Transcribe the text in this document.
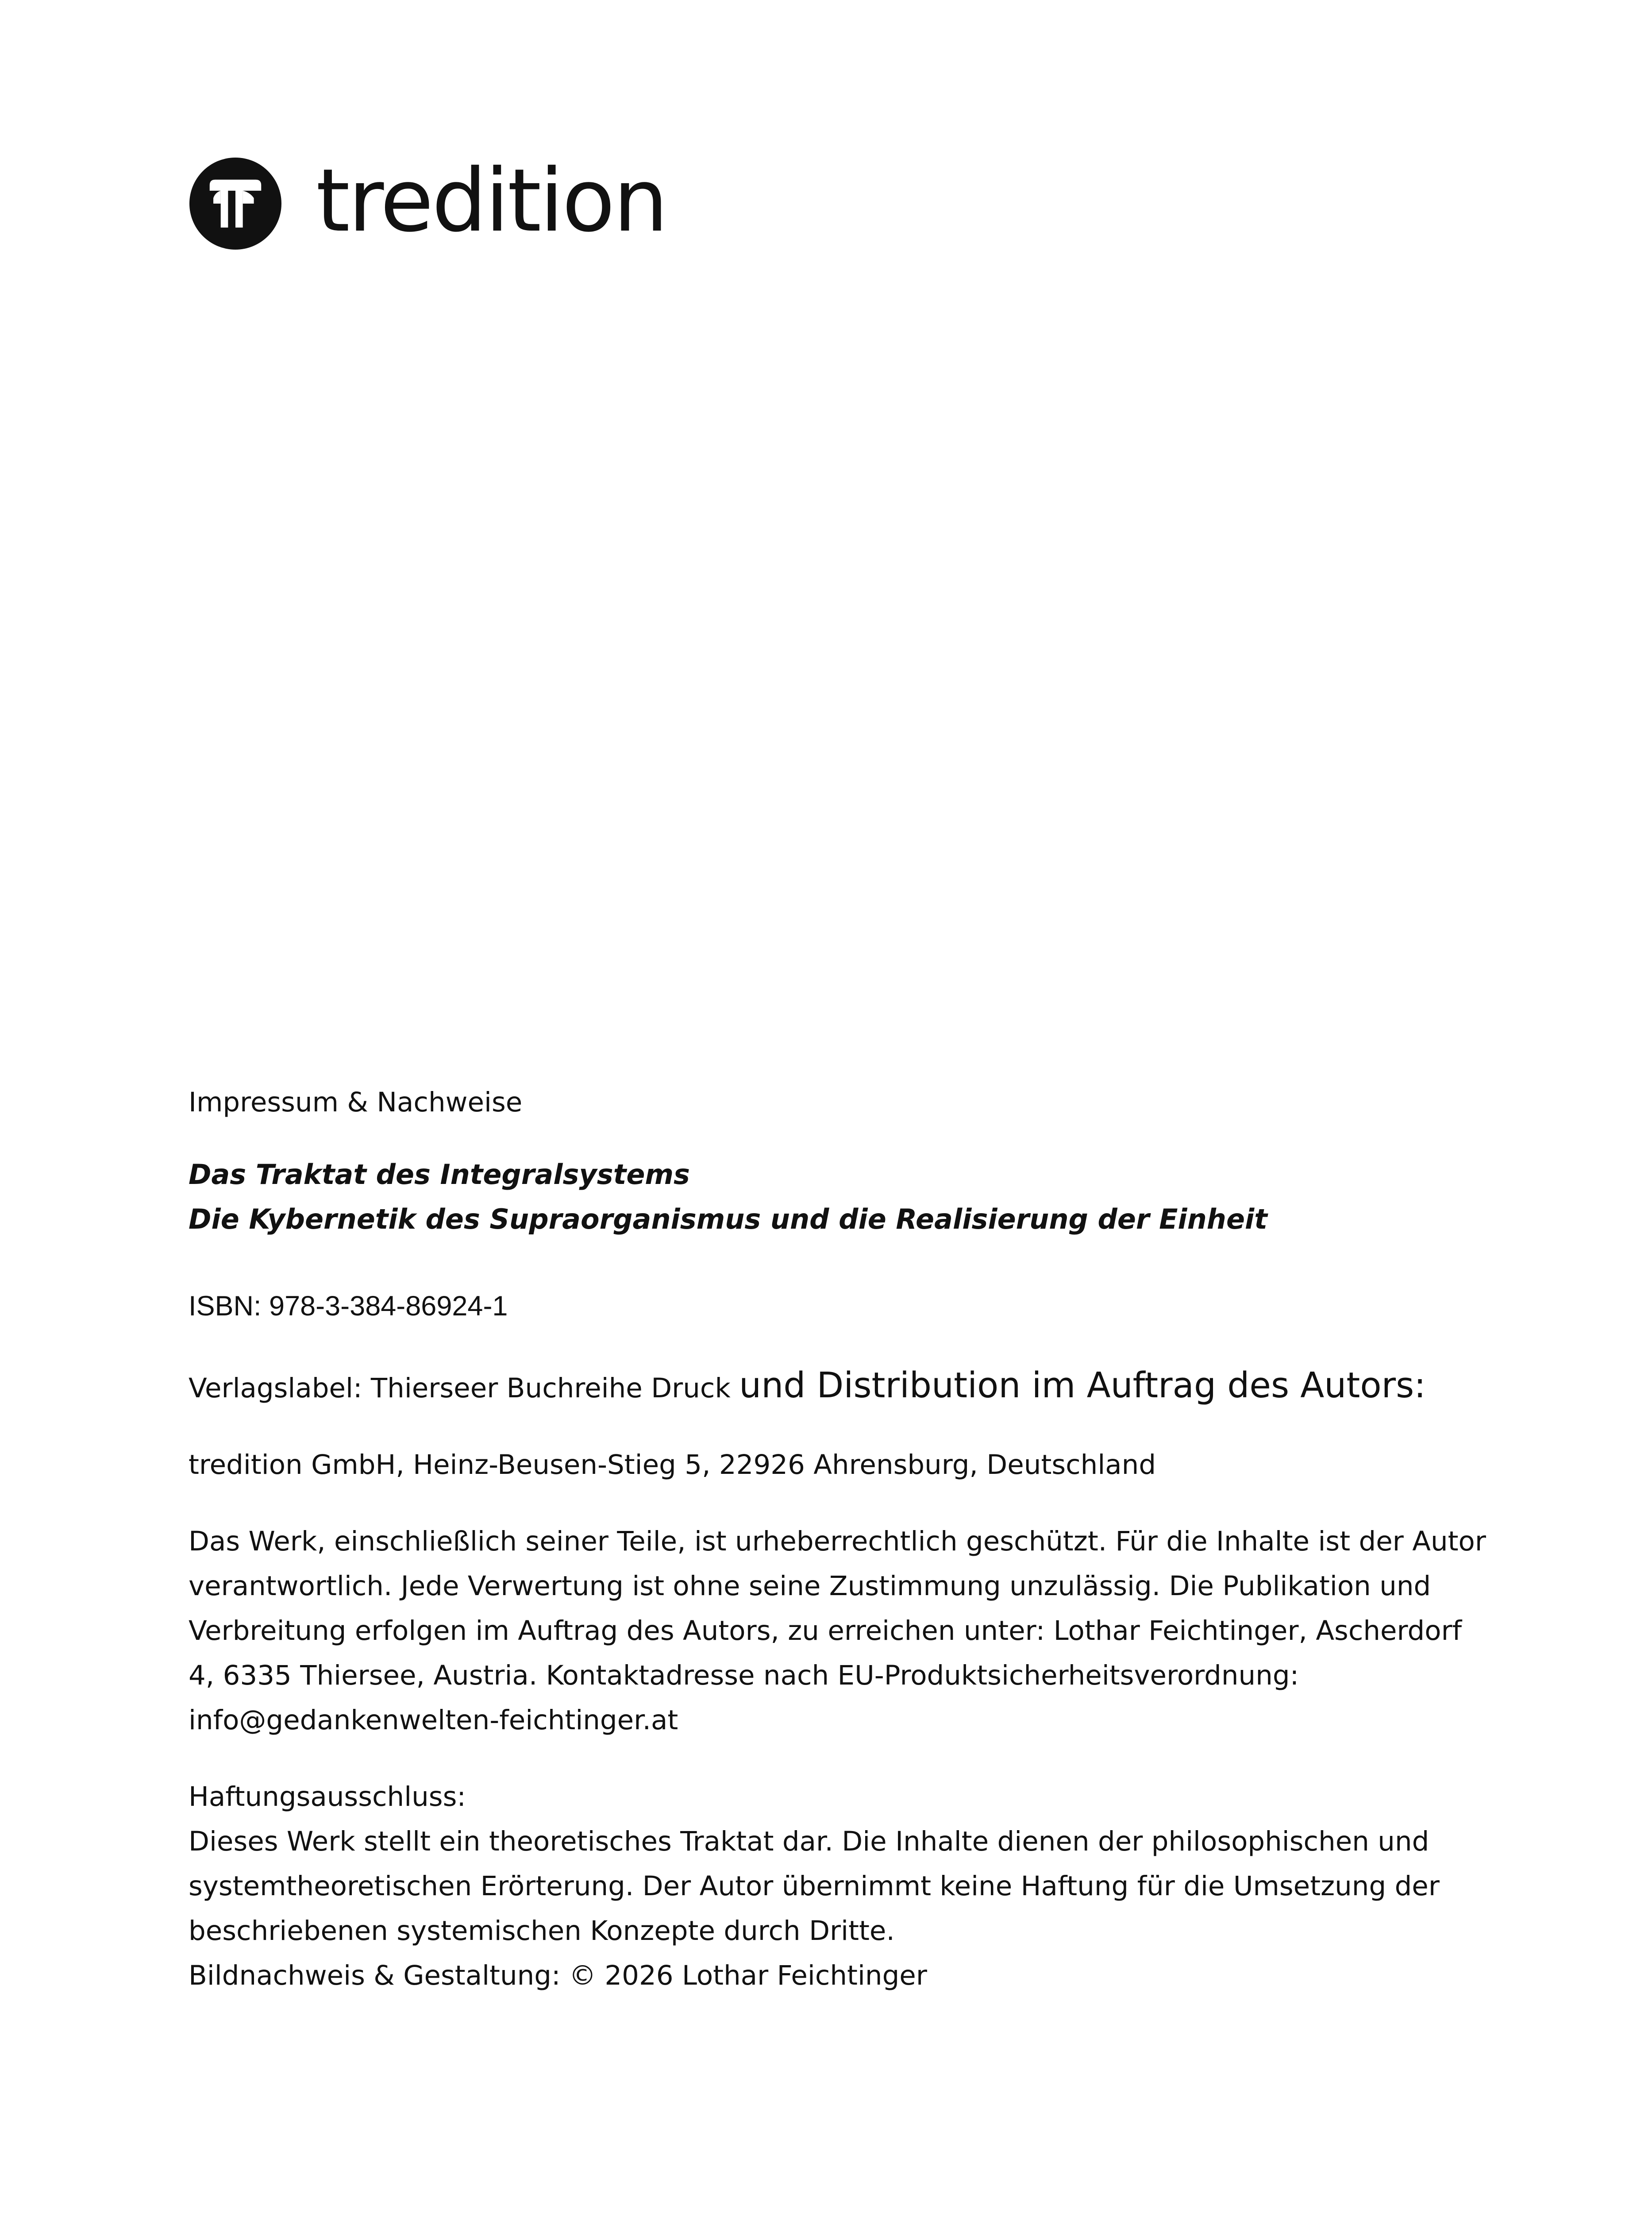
tredition

Impressum & Nachweise

Das Traktat des Integralsystems

Die Kybernetik des Supraorganismus und die Realisierung der Einheit

ISBN: 978-3-384-86924-1

Verlagslabel: Thierseer Buchreihe Druck und Distribution im Auftrag des Autors:

tredition GmbH, Heinz-Beusen-Stieg 5, 22926 Ahrensburg, Deutschland

Das Werk, einschließlich seiner Teile, ist urheberrechtlich geschützt. Für die Inhalte ist der Autor

verantwortlich. Jede Verwertung ist ohne seine Zustimmung unzulässig. Die Publikation und

Verbreitung erfolgen im Auftrag des Autors, zu erreichen unter: Lothar Feichtinger, Ascherdorf

4, 6335 Thiersee, Austria. Kontaktadresse nach EU-Produktsicherheitsverordnung:

info@gedankenwelten-feichtinger.at

Haftungsausschluss:

Dieses Werk stellt ein theoretisches Traktat dar. Die Inhalte dienen der philosophischen und

systemtheoretischen Erörterung. Der Autor übernimmt keine Haftung für die Umsetzung der

beschriebenen systemischen Konzepte durch Dritte.

Bildnachweis & Gestaltung: © 2026 Lothar Feichtinger
